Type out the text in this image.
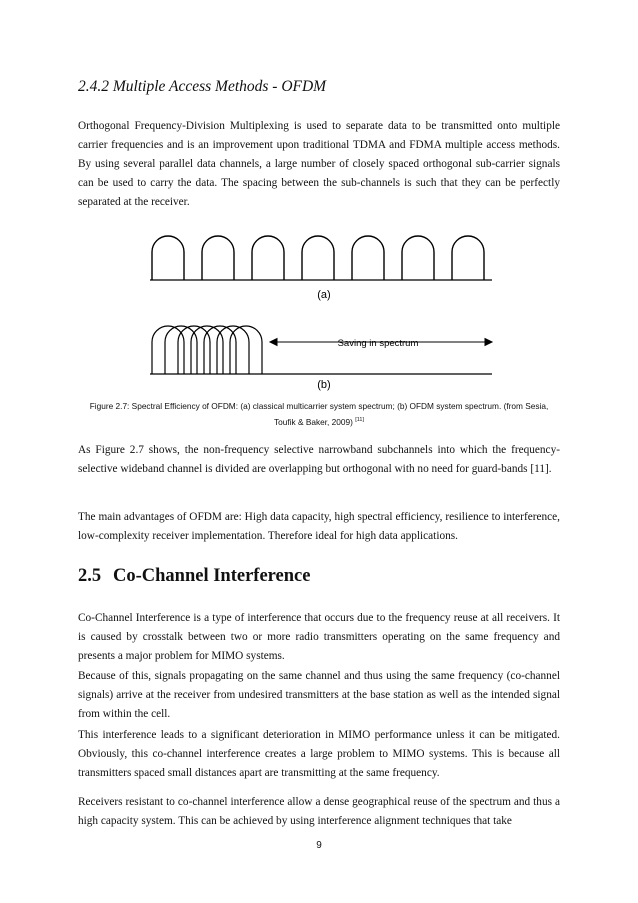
2.4.2 Multiple Access Methods - OFDM

Orthogonal Frequency-Division Multiplexing is used to separate data to be transmitted onto multiple carrier frequencies and is an improvement upon traditional TDMA and FDMA multiple access methods. By using several parallel data channels, a large number of closely spaced orthogonal sub-carrier signals can be used to carry the data. The spacing between the sub-channels is such that they can be perfectly separated at the receiver.

(a)
Saving in spectrum
(b)

Figure 2.7: Spectral Efficiency of OFDM: (a) classical multicarrier system spectrum; (b) OFDM system spectrum. (from Sesia, Toufik & Baker, 2009) [11]

As Figure 2.7 shows, the non-frequency selective narrowband subchannels into which the frequency-selective wideband channel is divided are overlapping but orthogonal with no need for guard-bands [11].

The main advantages of OFDM are: High data capacity, high spectral efficiency, resilience to interference, low-complexity receiver implementation. Therefore ideal for high data applications.

2.5 Co-Channel Interference

Co-Channel Interference is a type of interference that occurs due to the frequency reuse at all receivers. It is caused by crosstalk between two or more radio transmitters operating on the same frequency and presents a major problem for MIMO systems.

Because of this, signals propagating on the same channel and thus using the same frequency (co-channel signals) arrive at the receiver from undesired transmitters at the base station as well as the intended signal from within the cell.

This interference leads to a significant deterioration in MIMO performance unless it can be mitigated. Obviously, this co-channel interference creates a large problem to MIMO systems. This is because all transmitters spaced small distances apart are transmitting at the same frequency.

Receivers resistant to co-channel interference allow a dense geographical reuse of the spectrum and thus a high capacity system. This can be achieved by using interference alignment techniques that take

9
